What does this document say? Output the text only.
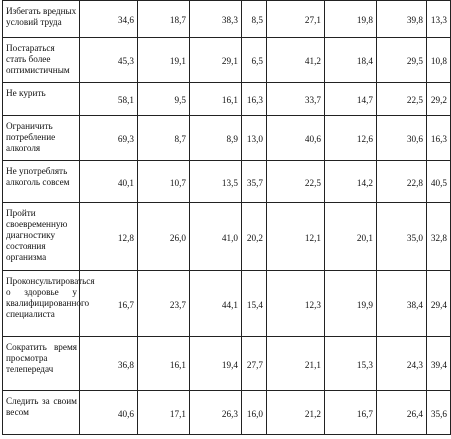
Избегать вредных условий труда	34,6	18,7	38,3	8,5	27,1	19,8	39,8	13,3
Постараться стать более оптимистичным	45,3	19,1	29,1	6,5	41,2	18,4	29,5	10,8
Не курить	58,1	9,5	16,1	16,3	33,7	14,7	22,5	29,2
Ограничить потребление алкоголя	69,3	8,7	8,9	13,0	40,6	12,6	30,6	16,3
Не употреблять алкоголь совсем	40,1	10,7	13,5	35,7	22,5	14,2	22,8	40,5
Пройти своевременную диагностику состояния организма	12,8	26,0	41,0	20,2	12,1	20,1	35,0	32,8
Проконсультироваться о здоровье у квалифицированного специалиста	16,7	23,7	44,1	15,4	12,3	19,9	38,4	29,4
Сократить время просмотра телепередач	36,8	16,1	19,4	27,7	21,1	15,3	24,3	39,4
Следить за своим весом	40,6	17,1	26,3	16,0	21,2	16,7	26,4	35,6
